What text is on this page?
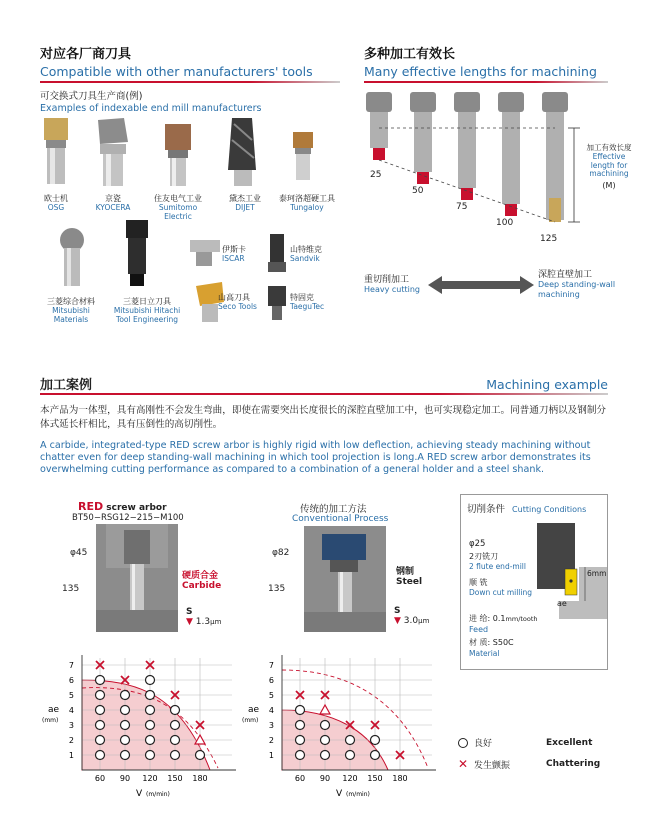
对应各厂商刀具
Compatible with other manufacturers' tools
可交换式刀具生产商(例)
Examples of indexable end mill manufacturers
欧士机
OSG
京瓷
KYOCERA
住友电气工业
Sumitomo Electric
黛杰工业
DIJET
泰珂洛超硬工具
Tungaloy
三菱综合材料
Mitsubishi Materials
三菱日立刀具
Mitsubishi Hitachi Tool Engineering
伊斯卡
ISCAR
山特维克
Sandvik
山高刀具
Seco Tools
特固克
TaeguTec
多种加工有效长
Many effective lengths for machining
25
50
75
100
125
加工有效长度
Effective length for machining
(M)
重切削加工
Heavy cutting
深腔直壁加工
Deep standing-wall machining
加工案例	Machining example
本产品为一体型，具有高刚性不会发生弯曲，即使在需要突出长度很长的深腔直壁加工中，也可实现稳定加工。同普通刀柄以及钢制分体式延长杆相比，具有压倒性的高切削性。
A carbide, integrated-type RED screw arbor is highly rigid with low deflection, achieving steady machining without chatter even for deep standing-wall machining in which tool projection is long.A RED screw arbor demonstrates its overwhelming cutting performance as compared to a combination of a general holder and a steel shank.
RED screw arbor
BT50−RSG12−215−M100
φ45
135
硬质合金
Carbide
S
▼ 1.3μm
传统的加工方法
Conventional Process
φ82
135
钢制
Steel
S
▼ 3.0μm
切削条件 Cutting Conditions
6mm
ae
φ25
2刃铣刀
2 flute end-mill
顺 铣
Down cut milling
进 给: 0.1mm/tooth
Feed
材 质: S50C
Material
1
2
3
4
5
6
7
60 90 120 150 180
ae
(mm)
V (m/min)
1
2
3
4
5
6
7
60 90 120 150 180
ae
(mm)
V (m/min)
良好	Excellent
✕ 发生颤振	Chattering
